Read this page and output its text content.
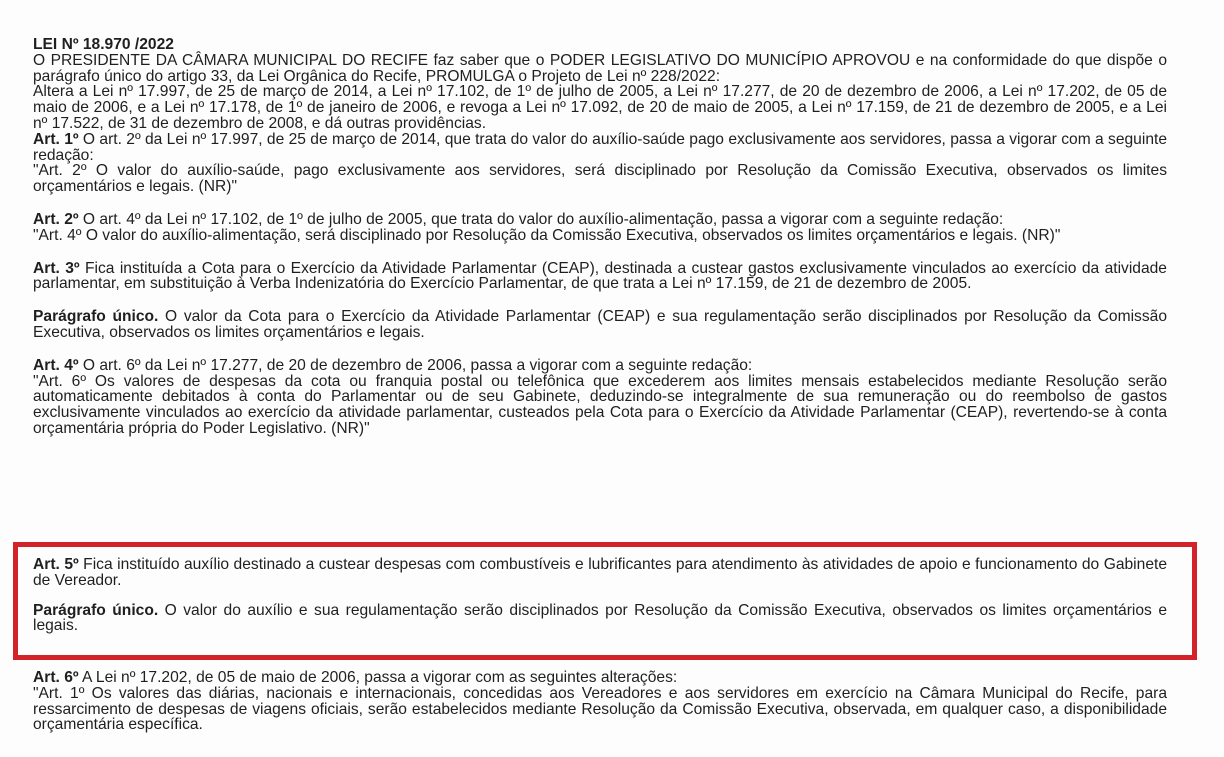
LEI Nº 18.970 /2022

O PRESIDENTE DA CÂMARA MUNICIPAL DO RECIFE faz saber que o PODER LEGISLATIVO DO MUNICÍPIO APROVOU e na conformidade do que dispõe o parágrafo único do artigo 33, da Lei Orgânica do Recife, PROMULGA o Projeto de Lei nº 228/2022:

Altera a Lei nº 17.997, de 25 de março de 2014, a Lei nº 17.102, de 1º de julho de 2005, a Lei nº 17.277, de 20 de dezembro de 2006, a Lei nº 17.202, de 05 de maio de 2006, e a Lei nº 17.178, de 1º de janeiro de 2006, e revoga a Lei nº 17.092, de 20 de maio de 2005, a Lei nº 17.159, de 21 de dezembro de 2005, e a Lei nº 17.522, de 31 de dezembro de 2008, e dá outras providências.

Art. 1º O art. 2º da Lei nº 17.997, de 25 de março de 2014, que trata do valor do auxílio-saúde pago exclusivamente aos servidores, passa a vigorar com a seguinte redação:

"Art. 2º O valor do auxílio-saúde, pago exclusivamente aos servidores, será disciplinado por Resolução da Comissão Executiva, observados os limites orçamentários e legais. (NR)"

Art. 2º O art. 4º da Lei nº 17.102, de 1º de julho de 2005, que trata do valor do auxílio-alimentação, passa a vigorar com a seguinte redação:

"Art. 4º O valor do auxílio-alimentação, será disciplinado por Resolução da Comissão Executiva, observados os limites orçamentários e legais. (NR)"

Art. 3º Fica instituída a Cota para o Exercício da Atividade Parlamentar (CEAP), destinada a custear gastos exclusivamente vinculados ao exercício da atividade parlamentar, em substituição à Verba Indenizatória do Exercício Parlamentar, de que trata a Lei nº 17.159, de 21 de dezembro de 2005.

Parágrafo único. O valor da Cota para o Exercício da Atividade Parlamentar (CEAP) e sua regulamentação serão disciplinados por Resolução da Comissão Executiva, observados os limites orçamentários e legais.

Art. 4º O art. 6º da Lei nº 17.277, de 20 de dezembro de 2006, passa a vigorar com a seguinte redação:

"Art. 6º Os valores de despesas da cota ou franquia postal ou telefônica que excederem aos limites mensais estabelecidos mediante Resolução serão automaticamente debitados à conta do Parlamentar ou de seu Gabinete, deduzindo-se integralmente de sua remuneração ou do reembolso de gastos exclusivamente vinculados ao exercício da atividade parlamentar, custeados pela Cota para o Exercício da Atividade Parlamentar (CEAP), revertendo-se à conta orçamentária própria do Poder Legislativo. (NR)"

Art. 5º Fica instituído auxílio destinado a custear despesas com combustíveis e lubrificantes para atendimento às atividades de apoio e funcionamento do Gabinete de Vereador.

Parágrafo único. O valor do auxílio e sua regulamentação serão disciplinados por Resolução da Comissão Executiva, observados os limites orçamentários e legais.

Art. 6º A Lei nº 17.202, de 05 de maio de 2006, passa a vigorar com as seguintes alterações:

"Art. 1º Os valores das diárias, nacionais e internacionais, concedidas aos Vereadores e aos servidores em exercício na Câmara Municipal do Recife, para ressarcimento de despesas de viagens oficiais, serão estabelecidos mediante Resolução da Comissão Executiva, observada, em qualquer caso, a disponibilidade orçamentária específica.
